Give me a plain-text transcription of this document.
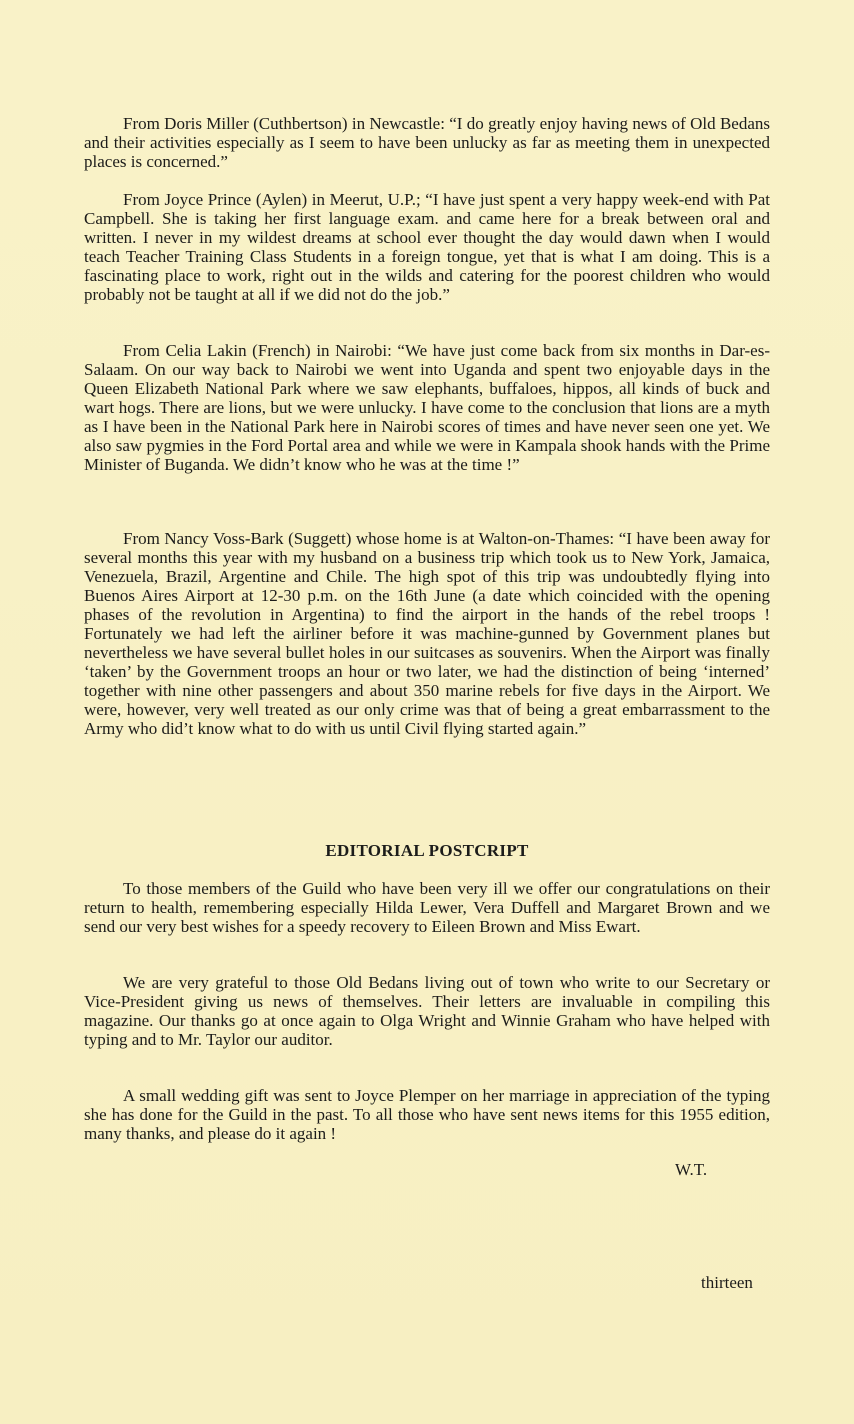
From Doris Miller (Cuthbertson) in Newcastle: “I do greatly enjoy having news of Old Bedans and their activities especially as I seem to have been unlucky as far as meeting them in unexpected places is concerned.”

From Joyce Prince (Aylen) in Meerut, U.P.; “I have just spent a very happy week-end with Pat Campbell. She is taking her first language exam. and came here for a break between oral and written. I never in my wildest dreams at school ever thought the day would dawn when I would teach Teacher Training Class Students in a foreign tongue, yet that is what I am doing. This is a fascinating place to work, right out in the wilds and catering for the poorest children who would probably not be taught at all if we did not do the job.”

From Celia Lakin (French) in Nairobi: “We have just come back from six months in Dar-es-Salaam. On our way back to Nairobi we went into Uganda and spent two enjoyable days in the Queen Elizabeth National Park where we saw elephants, buffaloes, hippos, all kinds of buck and wart hogs. There are lions, but we were unlucky. I have come to the conclusion that lions are a myth as I have been in the National Park here in Nairobi scores of times and have never seen one yet. We also saw pygmies in the Ford Portal area and while we were in Kampala shook hands with the Prime Minister of Buganda. We didn’t know who he was at the time !”

From Nancy Voss-Bark (Suggett) whose home is at Walton-on-Thames: “I have been away for several months this year with my husband on a business trip which took us to New York, Jamaica, Venezuela, Brazil, Argentine and Chile. The high spot of this trip was undoubtedly flying into Buenos Aires Airport at 12-30 p.m. on the 16th June (a date which coincided with the opening phases of the revolution in Argentina) to find the airport in the hands of the rebel troops ! Fortunately we had left the airliner before it was machine-gunned by Government planes but nevertheless we have several bullet holes in our suitcases as souvenirs. When the Airport was finally ‘taken’ by the Government troops an hour or two later, we had the distinction of being ‘interned’ together with nine other passengers and about 350 marine rebels for five days in the Airport. We were, however, very well treated as our only crime was that of being a great embarrassment to the Army who did’t know what to do with us until Civil flying started again.”

EDITORIAL POSTCRIPT

To those members of the Guild who have been very ill we offer our congratulations on their return to health, remembering especially Hilda Lewer, Vera Duffell and Margaret Brown and we send our very best wishes for a speedy recovery to Eileen Brown and Miss Ewart.

We are very grateful to those Old Bedans living out of town who write to our Secretary or Vice-President giving us news of themselves. Their letters are invaluable in compiling this magazine. Our thanks go at once again to Olga Wright and Winnie Graham who have helped with typing and to Mr. Taylor our auditor.

A small wedding gift was sent to Joyce Plemper on her marriage in appreciation of the typing she has done for the Guild in the past. To all those who have sent news items for this 1955 edition, many thanks, and please do it again !

W.T.
thirteen
